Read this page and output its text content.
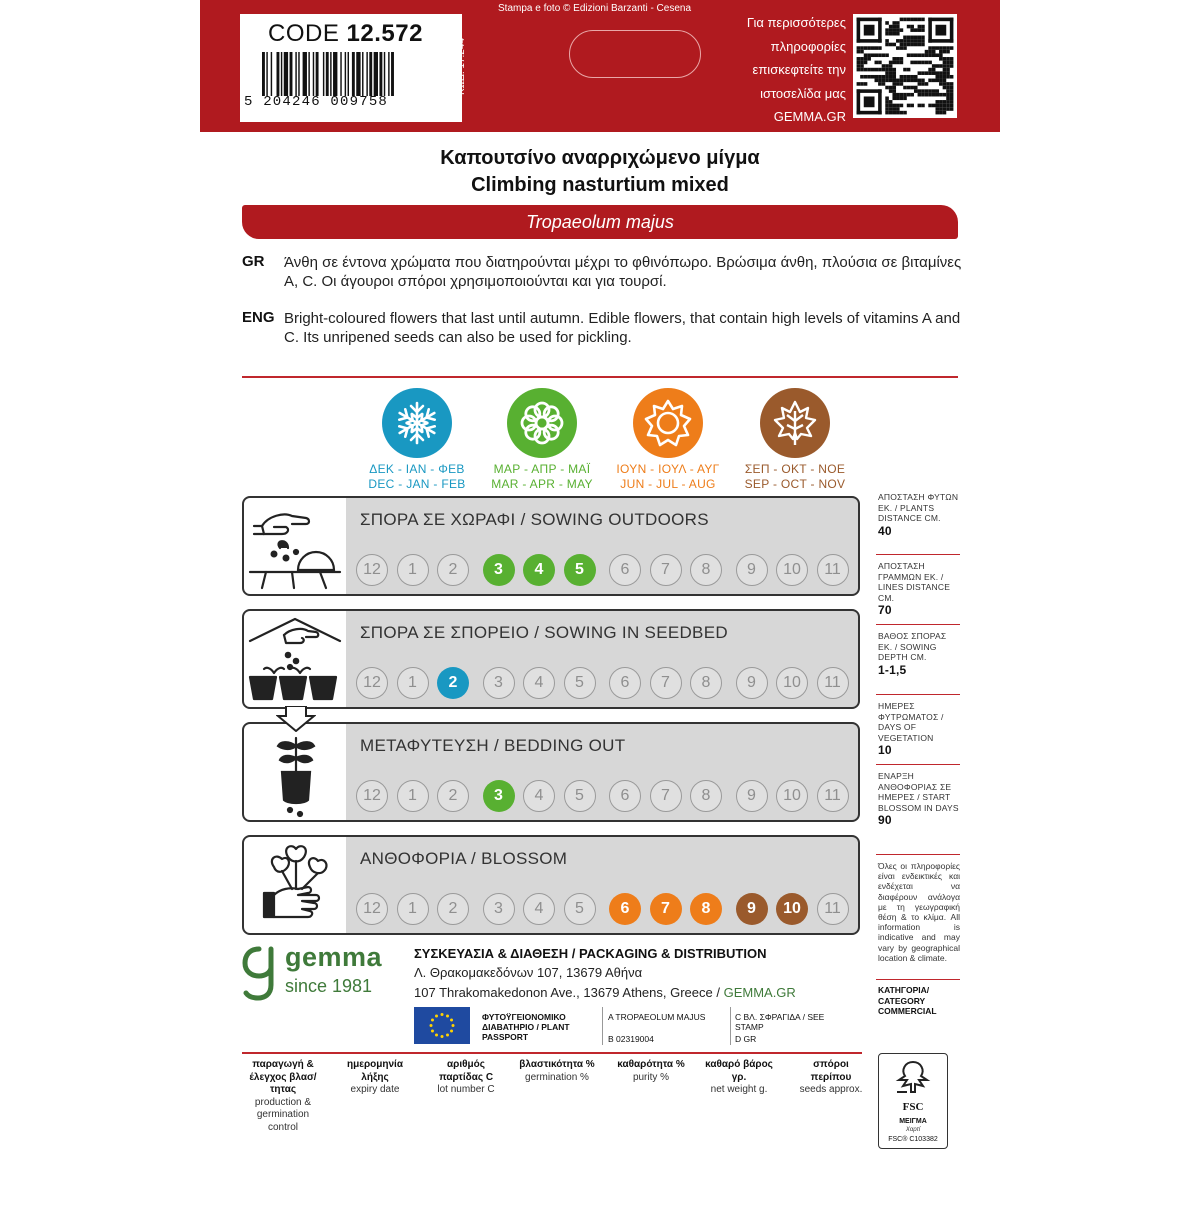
CODE 12.572
5 204246 009758
ΚΩΔ. 17.244
Stampa e foto © Edizioni Barzanti - Cesena
Για περισσότερες
πληροφορίες
επισκεφτείτε την
ιστοσελίδα μας
GEMMA.GR
Καπουτσίνο αναρριχώμενο μίγμα
Climbing nasturtium mixed
Tropaeolum majus
GR Άνθη σε έντονα χρώματα που διατηρούνται μέχρι το φθινόπωρο. Βρώσιμα άνθη, πλούσια σε βιταμίνες Α, C. Οι άγουροι σπόροι χρησιμοποιούνται και για τουρσί.
ENG Bright-coloured flowers that last until autumn. Edible flowers, that contain high levels of vitamins A and C. Its unripened seeds can also be used for pickling.
ΔΕΚ - ΙΑΝ - ΦΕΒ
DEC - JAN - FEB
ΜΑΡ - ΑΠΡ - ΜΑΪ
MAR - APR - MAY
ΙΟΥΝ - ΙΟΥΛ - ΑΥΓ
JUN - JUL - AUG
ΣΕΠ - ΟΚΤ - ΝΟΕ
SEP - OCT - NOV
ΣΠΟΡΑ ΣΕ ΧΩΡΑΦΙ / SOWING OUTDOORS
12	1	2	3	4	5	6	7	8	9	10	11
ΣΠΟΡΑ ΣΕ ΣΠΟΡΕΙΟ / SOWING IN SEEDBED
12	1	2	3	4	5	6	7	8	9	10	11
ΜΕΤΑΦΥΤΕΥΣΗ / BEDDING OUT
12	1	2	3	4	5	6	7	8	9	10	11
ΑΝΘΟΦΟΡΙΑ / BLOSSOM
12	1	2	3	4	5	6	7	8	9	10	11
ΑΠΟΣΤΑΣΗ ΦΥΤΩΝ ΕΚ. / PLANTS DISTANCE CM.
40
ΑΠΟΣΤΑΣΗ ΓΡΑΜΜΩΝ ΕΚ. / LINES DISTANCE CM.
70
ΒΑΘΟΣ ΣΠΟΡΑΣ ΕΚ. / SOWING DEPTH CM.
1-1,5
ΗΜΕΡΕΣ ΦΥΤΡΩΜΑΤΟΣ / DAYS OF VEGETATION
10
ΕΝΑΡΞΗ ΑΝΘΟΦΟΡΙΑΣ ΣΕ ΗΜΕΡΕΣ / START BLOSSOM IN DAYS
90
Όλες οι πληροφορίες είναι ενδεικτικές και ενδέχεται να διαφέρουν ανάλογα με τη γεωγραφική θέση & το κλίμα. All information is indicative and may vary by geographical location & climate.
ΚΑΤΗΓΟΡΙΑ/ CATEGORY COMMERCIAL
gemma
since 1981
ΣΥΣΚΕΥΑΣΙΑ & ΔΙΑΘΕΣΗ / PACKAGING & DISTRIBUTION
Λ. Θρακομακεδόνων 107, 13679 Αθήνα
107 Thrakomakedonon Ave., 13679 Athens, Greece / GEMMA.GR
ΦΥΤΟΫΓΕΙΟΝΟΜΙΚΟ ΔΙΑΒΑΤΗΡΙΟ / PLANT PASSPORT
A TROPAEOLUM MAJUS
B 02319004
C ΒΛ. ΣΦΡΑΓΙΔΑ / SEE STAMP
D GR
παραγωγή & έλεγχος βλασ/τητας
production & germination control
ημερομηνία λήξης
expiry date
αριθμός παρτίδας C
lot number C
βλαστικότητα %
germination %
καθαρότητα %
purity %
καθαρό βάρος γρ.
net weight g.
σπόροι περίπου
seeds approx.
FSC
ΜΕΙΓΜΑ
Χαρτί
FSC® C103382
